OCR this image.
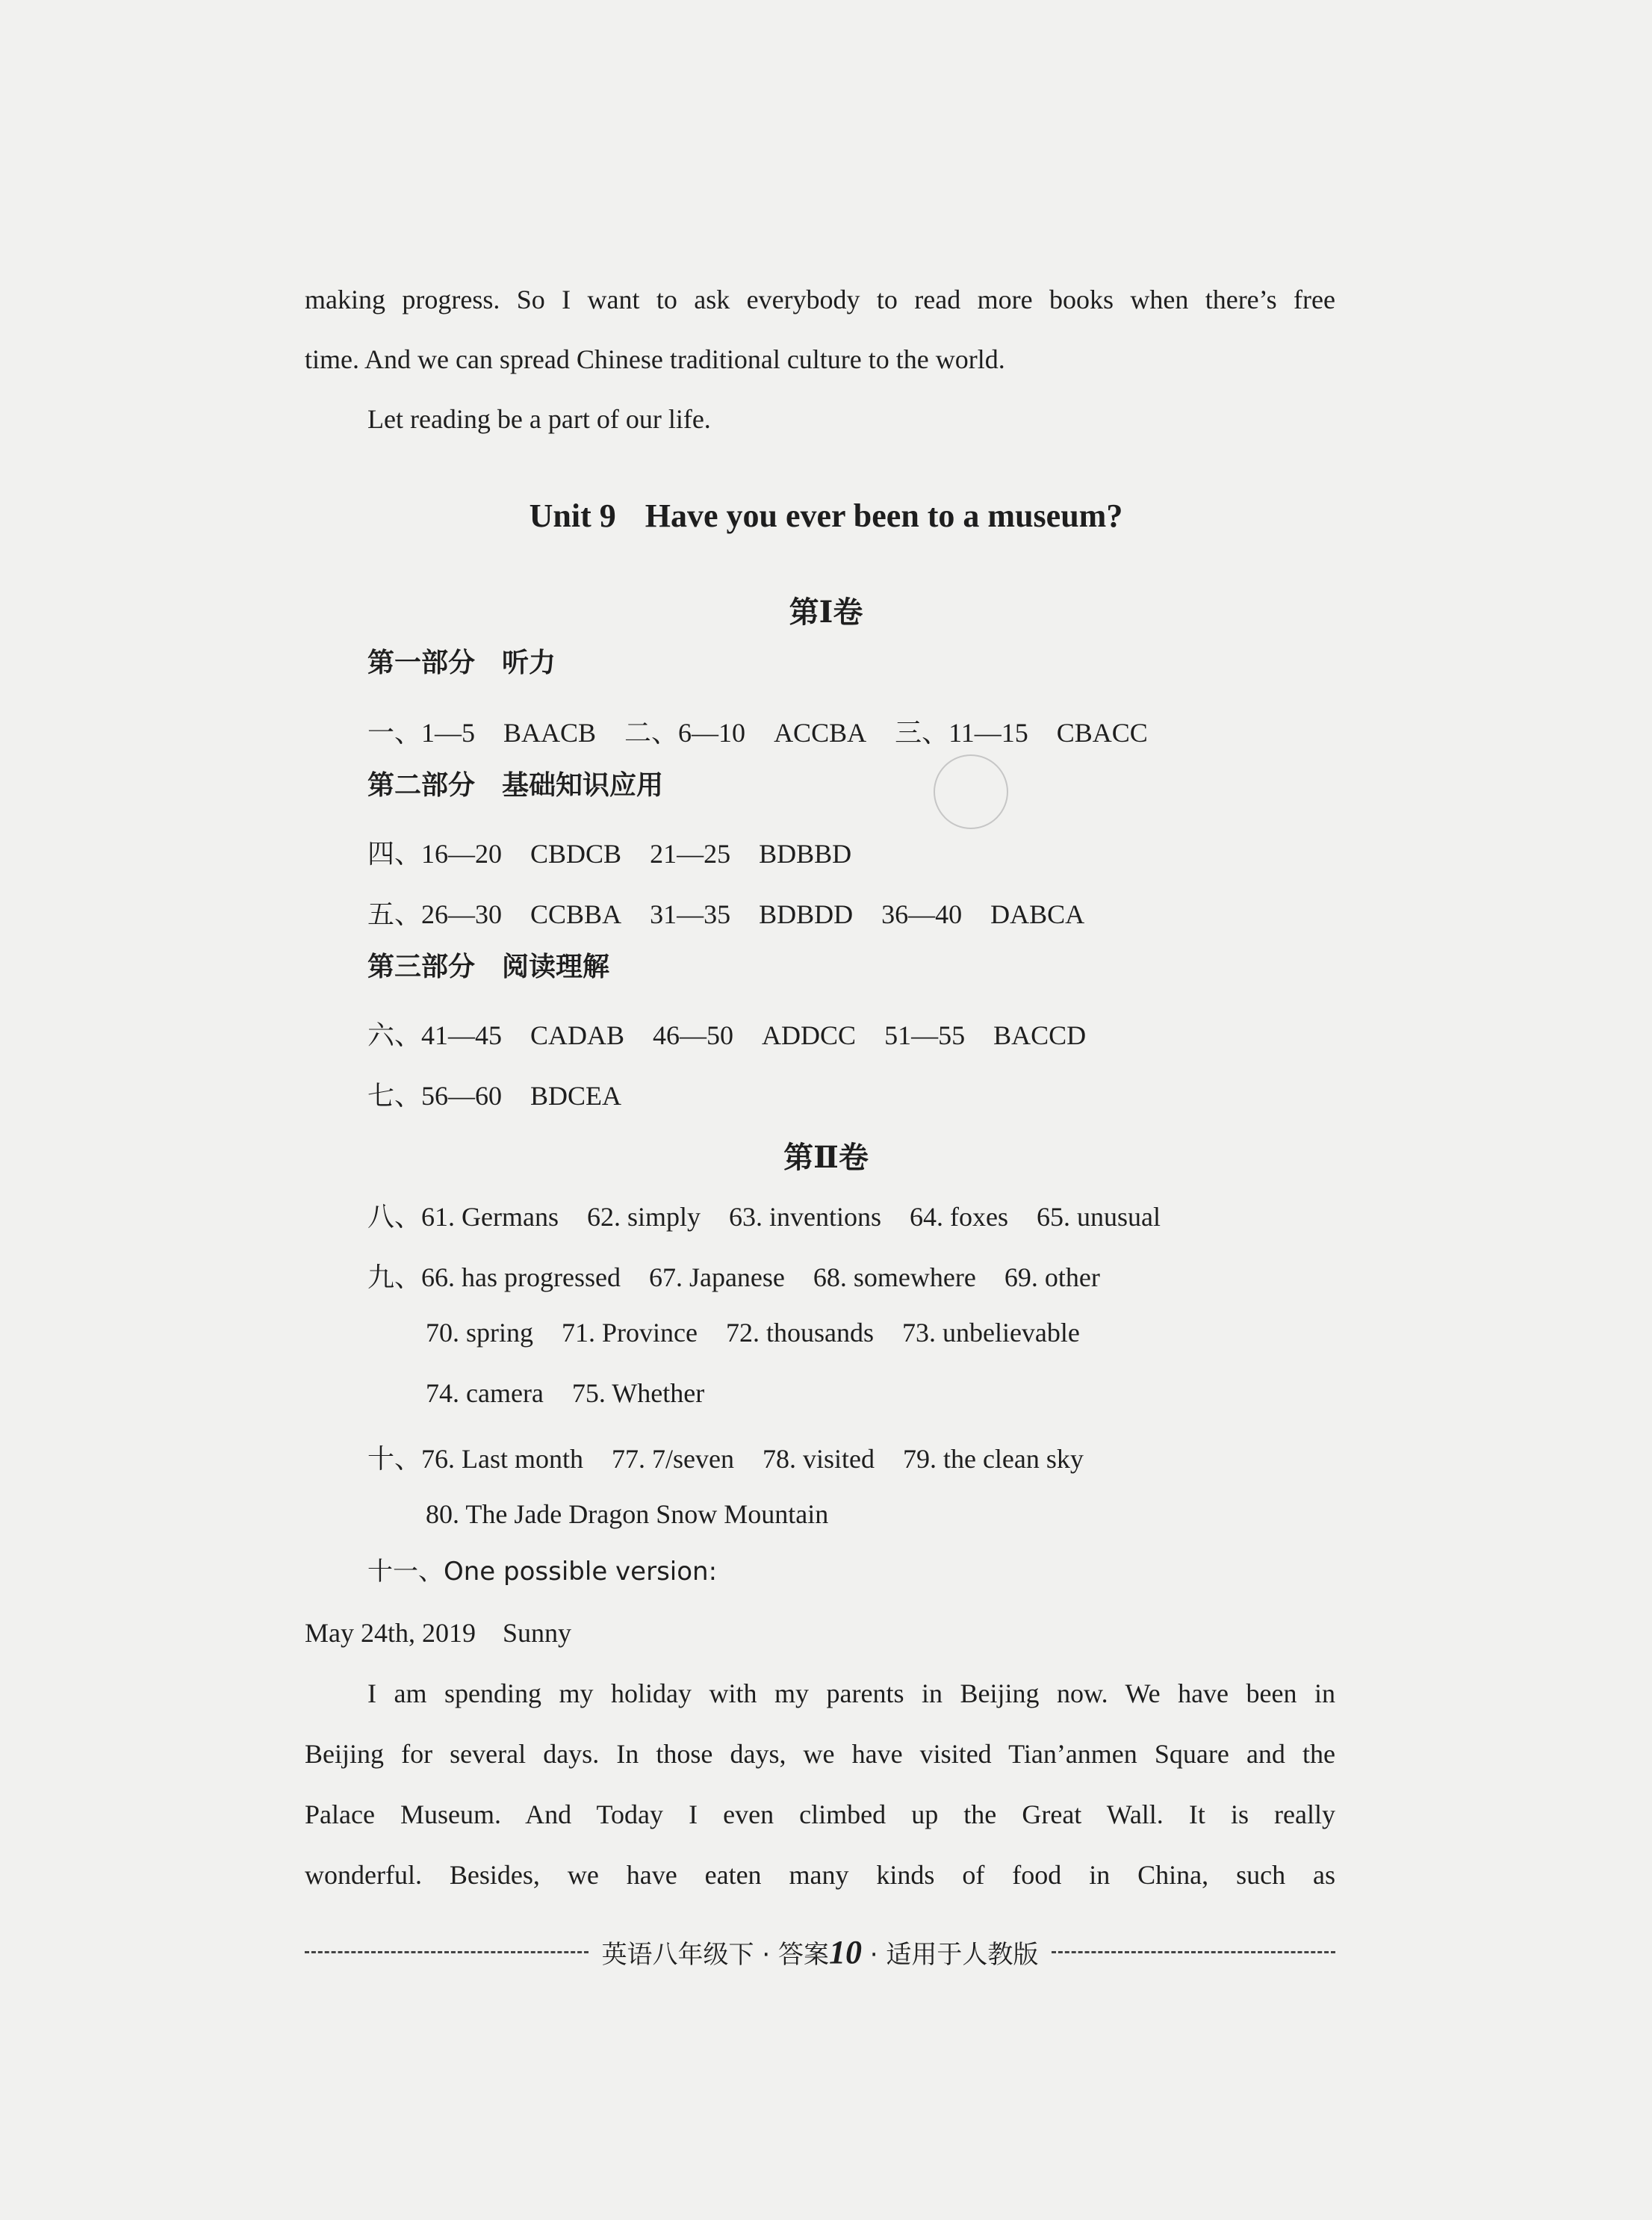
making progress. So I want to ask everybody to read more books when there’s free
time. And we can spread Chinese traditional culture to the world.
Let reading be a part of our life.
Unit 9 Have you ever been to a museum?
第Ⅰ卷
第一部分　听力
一、1—5 BAACB 二、6—10 ACCBA 三、11—15 CBACC
第二部分　基础知识应用
四、16—20 CBDCB 21—25 BDBBD
五、26—30 CCBBA 31—35 BDBDD 36—40 DABCA
第三部分　阅读理解
六、41—45 CADAB 46—50 ADDCC 51—55 BACCD
七、56—60 BDCEA
第Ⅱ卷
八、61. Germans 62. simply 63. inventions 64. foxes 65. unusual
九、66. has progressed 67. Japanese 68. somewhere 69. other
70. spring 71. Province 72. thousands 73. unbelievable
74. camera 75. Whether
十、76. Last month 77. 7/seven 78. visited 79. the clean sky
80. The Jade Dragon Snow Mountain
十一、One possible version:
May 24th, 2019　Sunny
I am spending my holiday with my parents in Beijing now. We have been in
Beijing for several days. In those days, we have visited Tian’anmen Square and the
Palace Museum. And Today I even climbed up the Great Wall. It is really
wonderful. Besides, we have eaten many kinds of food in China, such as
英语八年级下 · 答案10 · 适用于人教版
